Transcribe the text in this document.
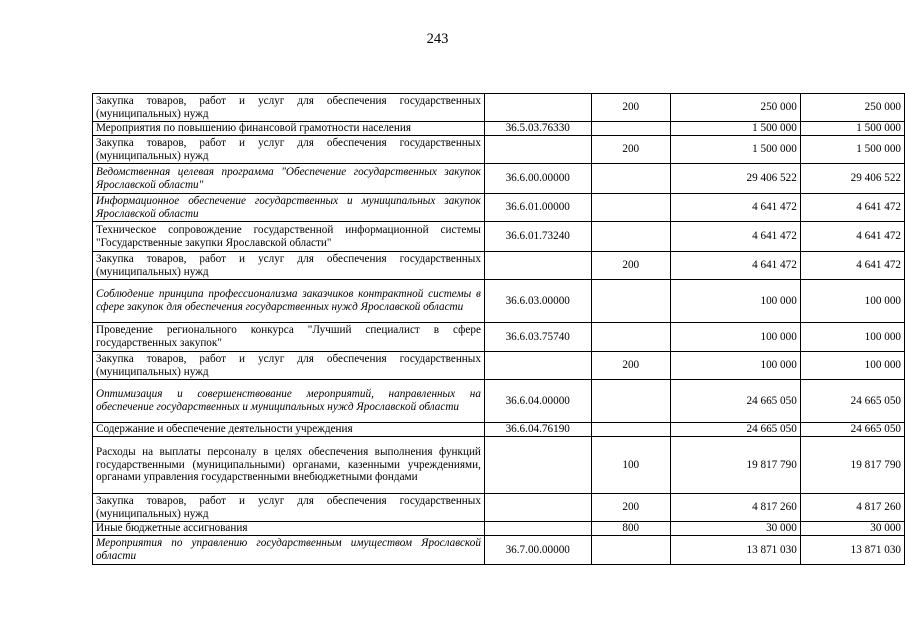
243
Закупка товаров, работ и услуг для обеспечения государственных (муниципальных) нужд		200	250 000	250 000
Мероприятия по повышению финансовой грамотности населения	36.5.03.76330		1 500 000	1 500 000
Закупка товаров, работ и услуг для обеспечения государственных (муниципальных) нужд		200	1 500 000	1 500 000
Ведомственная целевая программа "Обеспечение государственных закупок Ярославской области"	36.6.00.00000		29 406 522	29 406 522
Информационное обеспечение государственных и муниципальных закупок Ярославской области	36.6.01.00000		4 641 472	4 641 472
Техническое сопровождение государственной информационной системы "Государственные закупки Ярославской области"	36.6.01.73240		4 641 472	4 641 472
Закупка товаров, работ и услуг для обеспечения государственных (муниципальных) нужд		200	4 641 472	4 641 472
Соблюдение принципа профессионализма заказчиков контрактной системы в сфере закупок для обеспечения государственных нужд Ярославской области	36.6.03.00000		100 000	100 000
Проведение регионального конкурса "Лучший специалист в сфере государственных закупок"	36.6.03.75740		100 000	100 000
Закупка товаров, работ и услуг для обеспечения государственных (муниципальных) нужд		200	100 000	100 000
Оптимизация и совершенствование мероприятий, направленных на обеспечение государственных и муниципальных нужд Ярославской области	36.6.04.00000		24 665 050	24 665 050
Содержание и обеспечение деятельности учреждения	36.6.04.76190		24 665 050	24 665 050
Расходы на выплаты персоналу в целях обеспечения выполнения функций государственными (муниципальными) органами, казенными учреждениями, органами управления государственными внебюджетными фондами		100	19 817 790	19 817 790
Закупка товаров, работ и услуг для обеспечения государственных (муниципальных) нужд		200	4 817 260	4 817 260
Иные бюджетные ассигнования		800	30 000	30 000
Мероприятия по управлению государственным имуществом Ярославской области	36.7.00.00000		13 871 030	13 871 030
